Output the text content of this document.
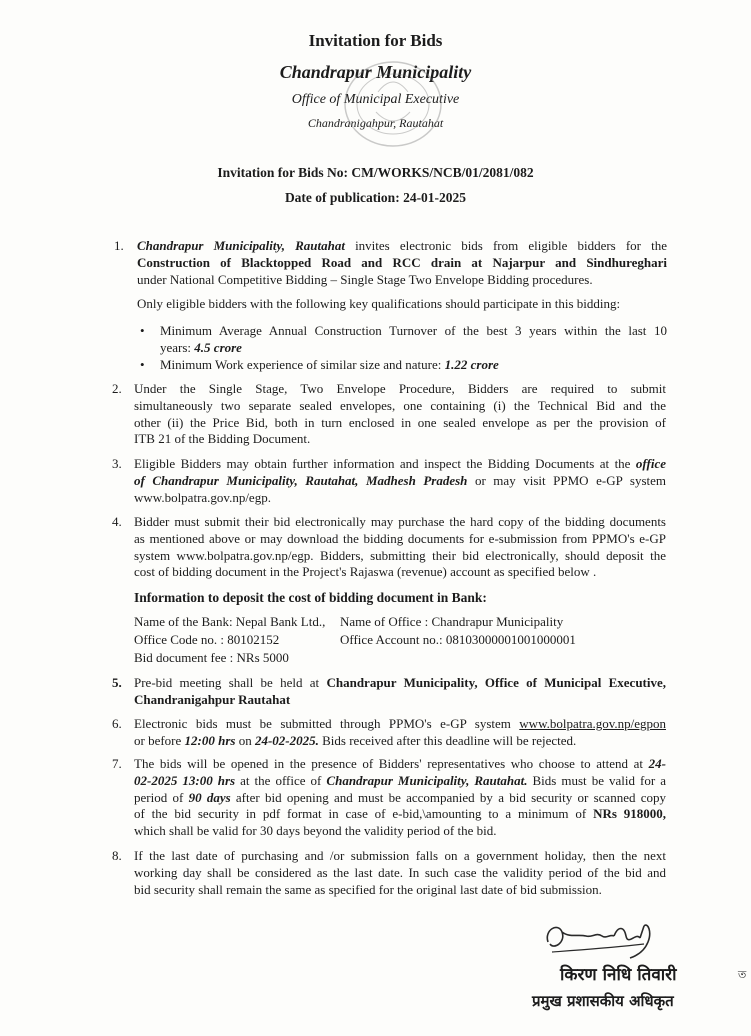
Invitation for Bids
Chandrapur Municipality
Office of Municipal Executive
Chandranigahpur, Rautahat
Invitation for Bids No: CM/WORKS/NCB/01/2081/082
Date of publication: 24-01-2025
1. Chandrapur Municipality, Rautahat invites electronic bids from eligible bidders for the
Construction of Blacktopped Road and RCC drain at Najarpur and Sindhureghari
under National Competitive Bidding – Single Stage Two Envelope Bidding procedures.
Only eligible bidders with the following key qualifications should participate in this bidding:
• Minimum Average Annual Construction Turnover of the best 3 years within the last 10
years: 4.5 crore
• Minimum Work experience of similar size and nature: 1.22 crore
2. Under the Single Stage, Two Envelope Procedure, Bidders are required to submit
simultaneously two separate sealed envelopes, one containing (i) the Technical Bid and the
other (ii) the Price Bid, both in turn enclosed in one sealed envelope as per the provision of
ITB 21 of the Bidding Document.
3. Eligible Bidders may obtain further information and inspect the Bidding Documents at the office
of Chandrapur Municipality, Rautahat, Madhesh Pradesh or may visit PPMO e-GP system
www.bolpatra.gov.np/egp.
4. Bidder must submit their bid electronically may purchase the hard copy of the bidding documents
as mentioned above or may download the bidding documents for e-submission from PPMO's e-GP
system www.bolpatra.gov.np/egp. Bidders, submitting their bid electronically, should deposit the
cost of bidding document in the Project's Rajaswa (revenue) account as specified below .
Information to deposit the cost of bidding document in Bank:
Name of the Bank: Nepal Bank Ltd., Name of Office : Chandrapur Municipality
Office Code no. : 80102152	Office Account no.: 08103000001001000001
Bid document fee : NRs 5000
5. Pre-bid meeting shall be held at Chandrapur Municipality, Office of Municipal Executive,
Chandranigahpur Rautahat
6. Electronic bids must be submitted through PPMO's e-GP system www.bolpatra.gov.np/egpon
or before 12:00 hrs on 24-02-2025. Bids received after this deadline will be rejected.
7. The bids will be opened in the presence of Bidders' representatives who choose to attend at 24-
02-2025 13:00 hrs at the office of Chandrapur Municipality, Rautahat. Bids must be valid for a
period of 90 days after bid opening and must be accompanied by a bid security or scanned copy
of the bid security in pdf format in case of e-bid,\amounting to a minimum of NRs 918000,
which shall be valid for 30 days beyond the validity period of the bid.
8. If the last date of purchasing and /or submission falls on a government holiday, then the next
working day shall be considered as the last date. In such case the validity period of the bid and
bid security shall remain the same as specified for the original last date of bid submission.
किरण निधि तिवारी
प्रमुख प्रशासकीय अधिकृत
ত
